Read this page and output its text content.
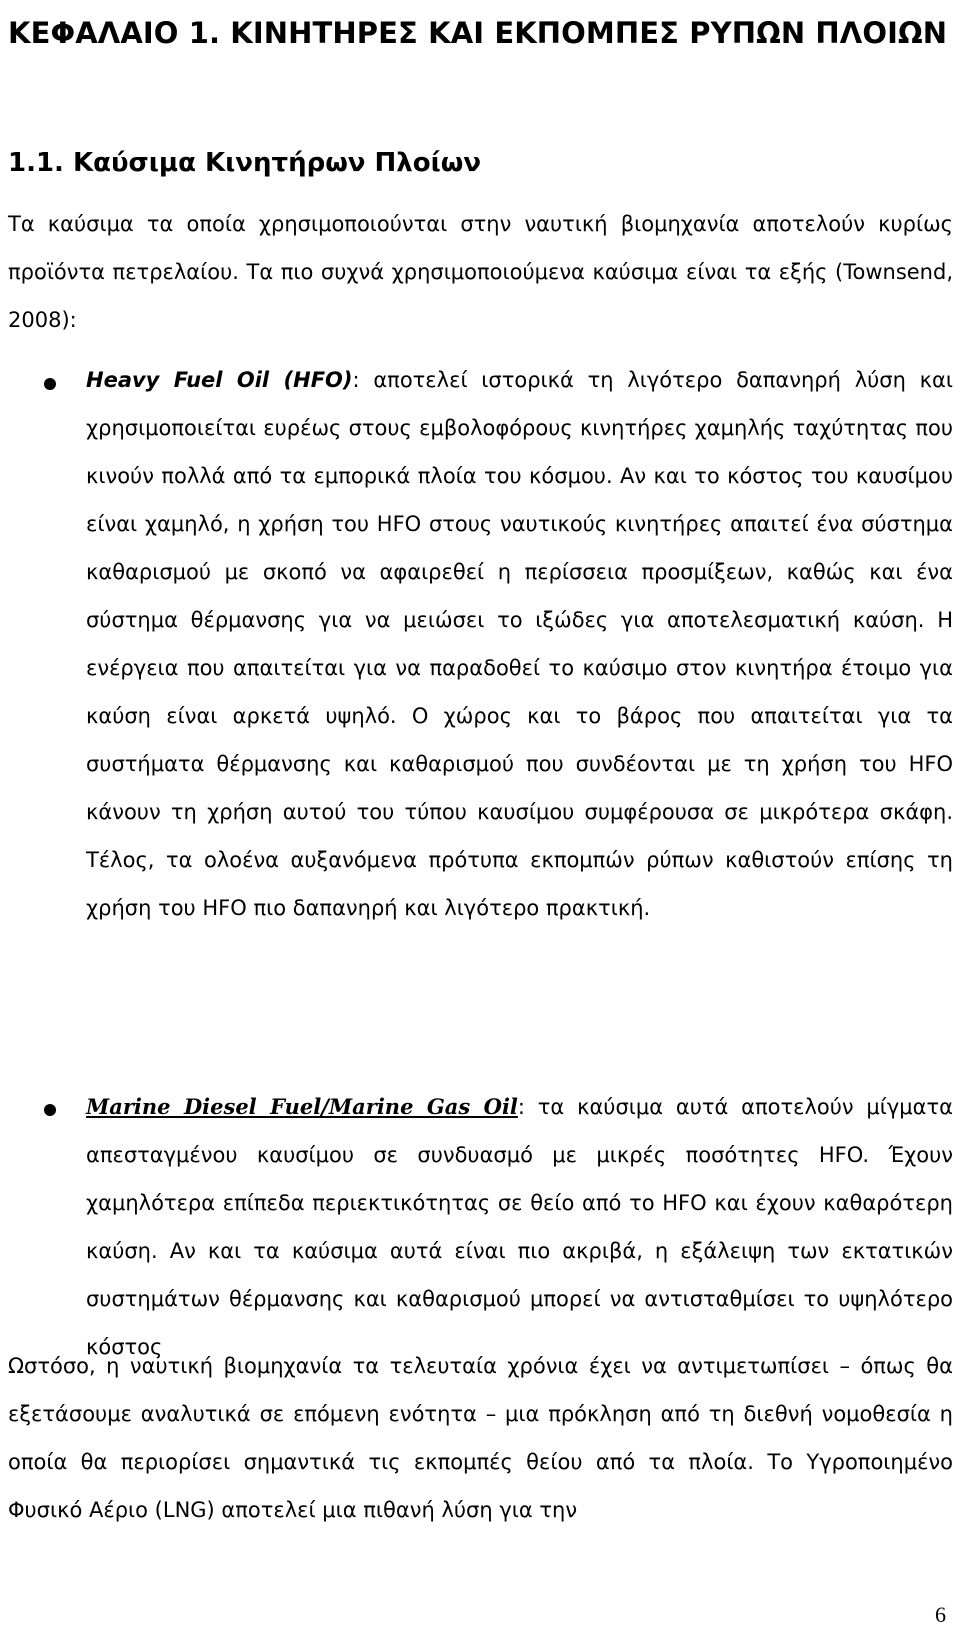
ΚΕΦΑΛΑΙΟ 1. ΚΙΝΗΤΗΡΕΣ ΚΑΙ ΕΚΠΟΜΠΕΣ ΡΥΠΩΝ ΠΛΟΙΩΝ
1.1. Καύσιμα Κινητήρων Πλοίων

Τα καύσιμα τα οποία χρησιμοποιούνται στην ναυτική βιομηχανία αποτελούν κυρίως προϊόντα πετρελαίου. Τα πιο συχνά χρησιμοποιούμενα καύσιμα είναι τα εξής (Townsend, 2008):

Heavy Fuel Oil (HFO): αποτελεί ιστορικά τη λιγότερο δαπανηρή λύση και χρησιμοποιείται ευρέως στους εμβολοφόρους κινητήρες χαμηλής ταχύτητας που κινούν πολλά από τα εμπορικά πλοία του κόσμου. Αν και το κόστος του καυσίμου είναι χαμηλό, η χρήση του HFO στους ναυτικούς κινητήρες απαιτεί ένα σύστημα καθαρισμού με σκοπό να αφαιρεθεί η περίσσεια προσμίξεων, καθώς και ένα σύστημα θέρμανσης για να μειώσει το ιξώδες για αποτελεσματική καύση. Η ενέργεια που απαιτείται για να παραδοθεί το καύσιμο στον κινητήρα έτοιμο για καύση είναι αρκετά υψηλό. Ο χώρος και το βάρος που απαιτείται για τα συστήματα θέρμανσης και καθαρισμού που συνδέονται με τη χρήση του HFO κάνουν τη χρήση αυτού του τύπου καυσίμου συμφέρουσα σε μικρότερα σκάφη. Τέλος, τα ολοένα αυξανόμενα πρότυπα εκπομπών ρύπων καθιστούν επίσης τη χρήση του HFO πιο δαπανηρή και λιγότερο πρακτική.

Marine Diesel Fuel/Marine Gas Oil: τα καύσιμα αυτά αποτελούν μίγματα απεσταγμένου καυσίμου σε συνδυασμό με μικρές ποσότητες HFO. Έχουν χαμηλότερα επίπεδα περιεκτικότητας σε θείο από το HFO και έχουν καθαρότερη καύση. Αν και τα καύσιμα αυτά είναι πιο ακριβά, η εξάλειψη των εκτατικών συστημάτων θέρμανσης και καθαρισμού μπορεί να αντισταθμίσει το υψηλότερο κόστος

Ωστόσο, η ναυτική βιομηχανία τα τελευταία χρόνια έχει να αντιμετωπίσει – όπως θα εξετάσουμε αναλυτικά σε επόμενη ενότητα – μια πρόκληση από τη διεθνή νομοθεσία η οποία θα περιορίσει σημαντικά τις εκπομπές θείου από τα πλοία. Το Υγροποιημένο Φυσικό Αέριο (LNG) αποτελεί μια πιθανή λύση για την

6
